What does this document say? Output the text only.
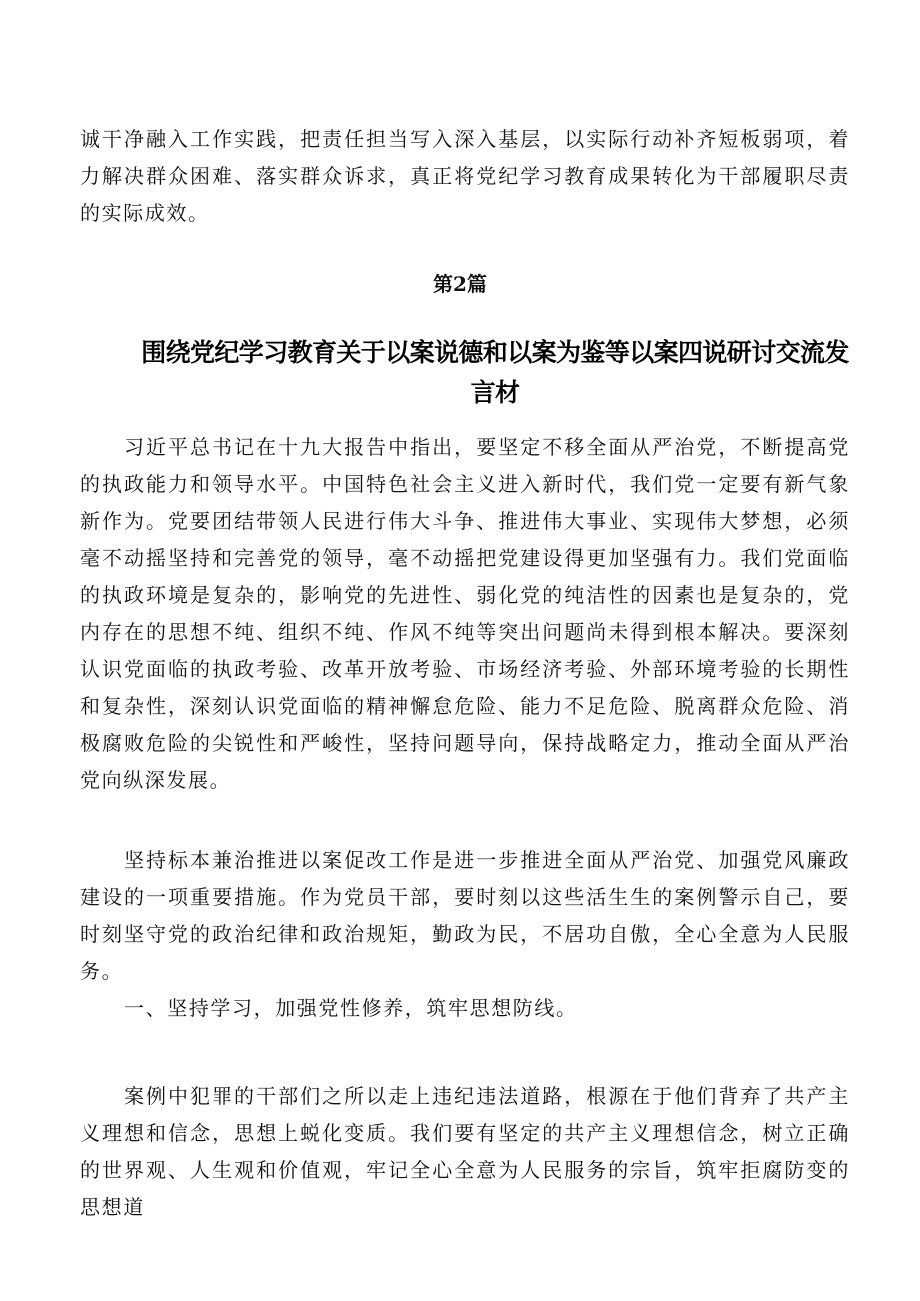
诚干净融入工作实践，把责任担当写入深入基层，以实际行动补齐短板弱项，着力解决群众困难、落实群众诉求，真正将党纪学习教育成果转化为干部履职尽责的实际成效。

第2篇
围绕党纪学习教育关于以案说德和以案为鉴等以案四说研讨交流发言材

习近平总书记在十九大报告中指出，要坚定不移全面从严治党，不断提高党的执政能力和领导水平。中国特色社会主义进入新时代，我们党一定要有新气象新作为。党要团结带领人民进行伟大斗争、推进伟大事业、实现伟大梦想，必须毫不动摇坚持和完善党的领导，毫不动摇把党建设得更加坚强有力。我们党面临的执政环境是复杂的，影响党的先进性、弱化党的纯洁性的因素也是复杂的，党内存在的思想不纯、组织不纯、作风不纯等突出问题尚未得到根本解决。要深刻认识党面临的执政考验、改革开放考验、市场经济考验、外部环境考验的长期性和复杂性，深刻认识党面临的精神懈怠危险、能力不足危险、脱离群众危险、消极腐败危险的尖锐性和严峻性，坚持问题导向，保持战略定力，推动全面从严治党向纵深发展。

坚持标本兼治推进以案促改工作是进一步推进全面从严治党、加强党风廉政建设的一项重要措施。作为党员干部，要时刻以这些活生生的案例警示自己，要时刻坚守党的政治纪律和政治规矩，勤政为民，不居功自傲，全心全意为人民服务。

一、坚持学习，加强党性修养，筑牢思想防线。

案例中犯罪的干部们之所以走上违纪违法道路，根源在于他们背弃了共产主义理想和信念，思想上蜕化变质。我们要有坚定的共产主义理想信念，树立正确的世界观、人生观和价值观，牢记全心全意为人民服务的宗旨，筑牢拒腐防变的思想道
